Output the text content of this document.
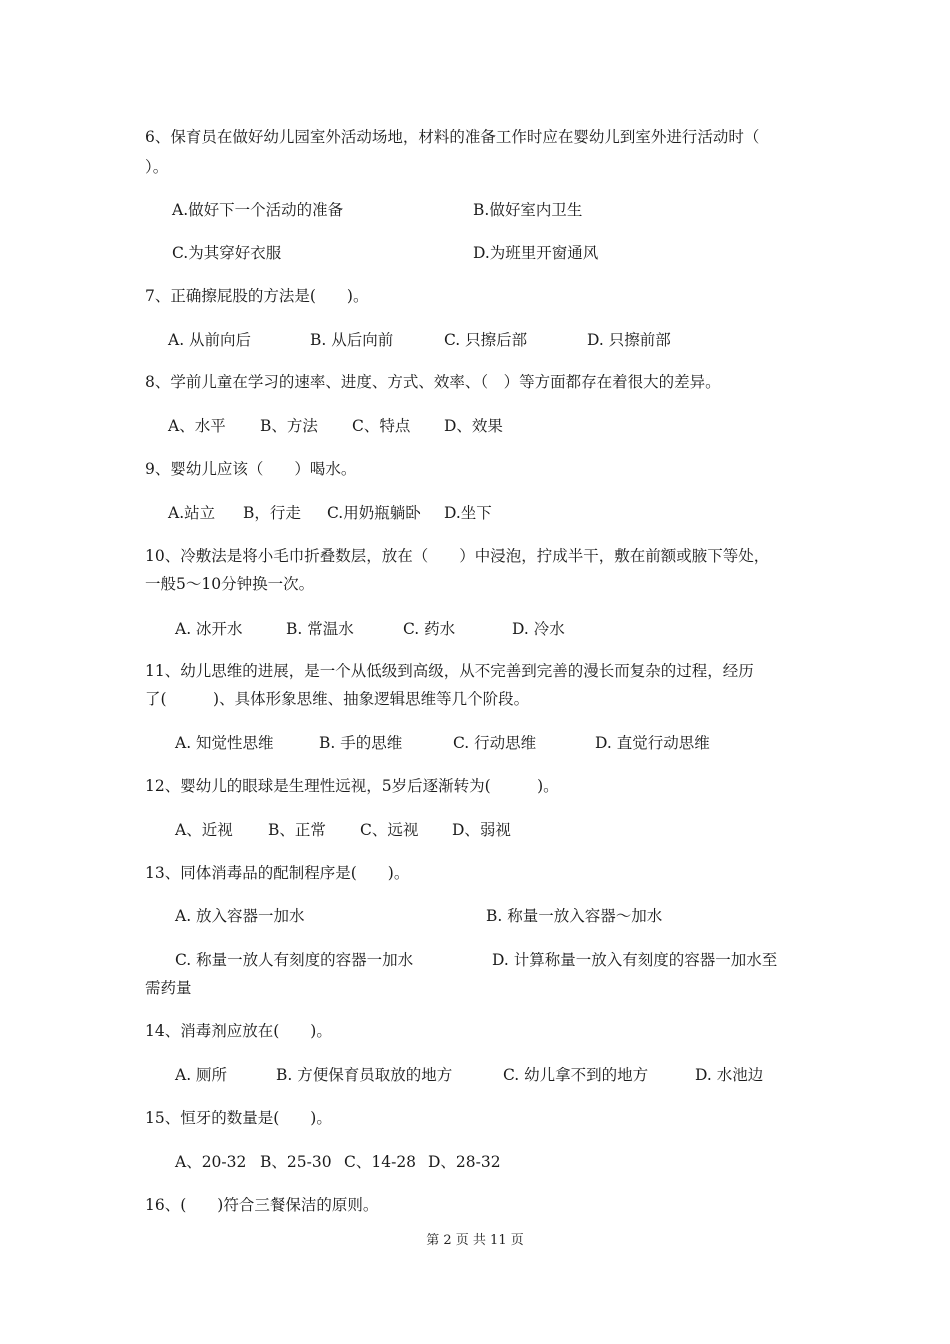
6、保育员在做好幼儿园室外活动场地，材料的准备工作时应在婴幼儿到室外进行活动时（
）。
A.做好下一个活动的准备	B.做好室内卫生
C.为其穿好衣服	D.为班里开窗通风
7、正确擦屁股的方法是(　　)。
A. 从前向后	B. 从后向前	C. 只擦后部	D. 只擦前部
8、学前儿童在学习的速率、进度、方式、效率、（　）等方面都存在着很大的差异。
A、水平 B、方法 C、特点 D、效果
9、婴幼儿应该（　　）喝水。
A.站立 B，行走 C.用奶瓶躺卧 D.坐下
10、冷敷法是将小毛巾折叠数层，放在（　　）中浸泡，拧成半干，敷在前额或腋下等处，
一般5～10分钟换一次。
A. 冰开水	B. 常温水	C. 药水	D. 冷水
11、幼儿思维的进展，是一个从低级到高级，从不完善到完善的漫长而复杂的过程，经历
了(　　　)、具体形象思维、抽象逻辑思维等几个阶段。
A. 知觉性思维	B. 手的思维	C. 行动思维	D. 直觉行动思维
12、婴幼儿的眼球是生理性远视，5岁后逐渐转为(　　　)。
A、近视 B、正常 C、远视 D、弱视
13、同体消毒品的配制程序是(　　)。
A. 放入容器一加水	B. 称量一放入容器～加水
C. 称量一放人有刻度的容器一加水	D. 计算称量一放入有刻度的容器一加水至
需药量
14、消毒剂应放在(　　)。
A. 厕所	B. 方便保育员取放的地方	C. 幼儿拿不到的地方	D. 水池边
15、恒牙的数量是(　　)。
A、20-32 B、25-30 C、14-28 D、28-32
16、(　　)符合三餐保洁的原则。
第 2 页 共 11 页
